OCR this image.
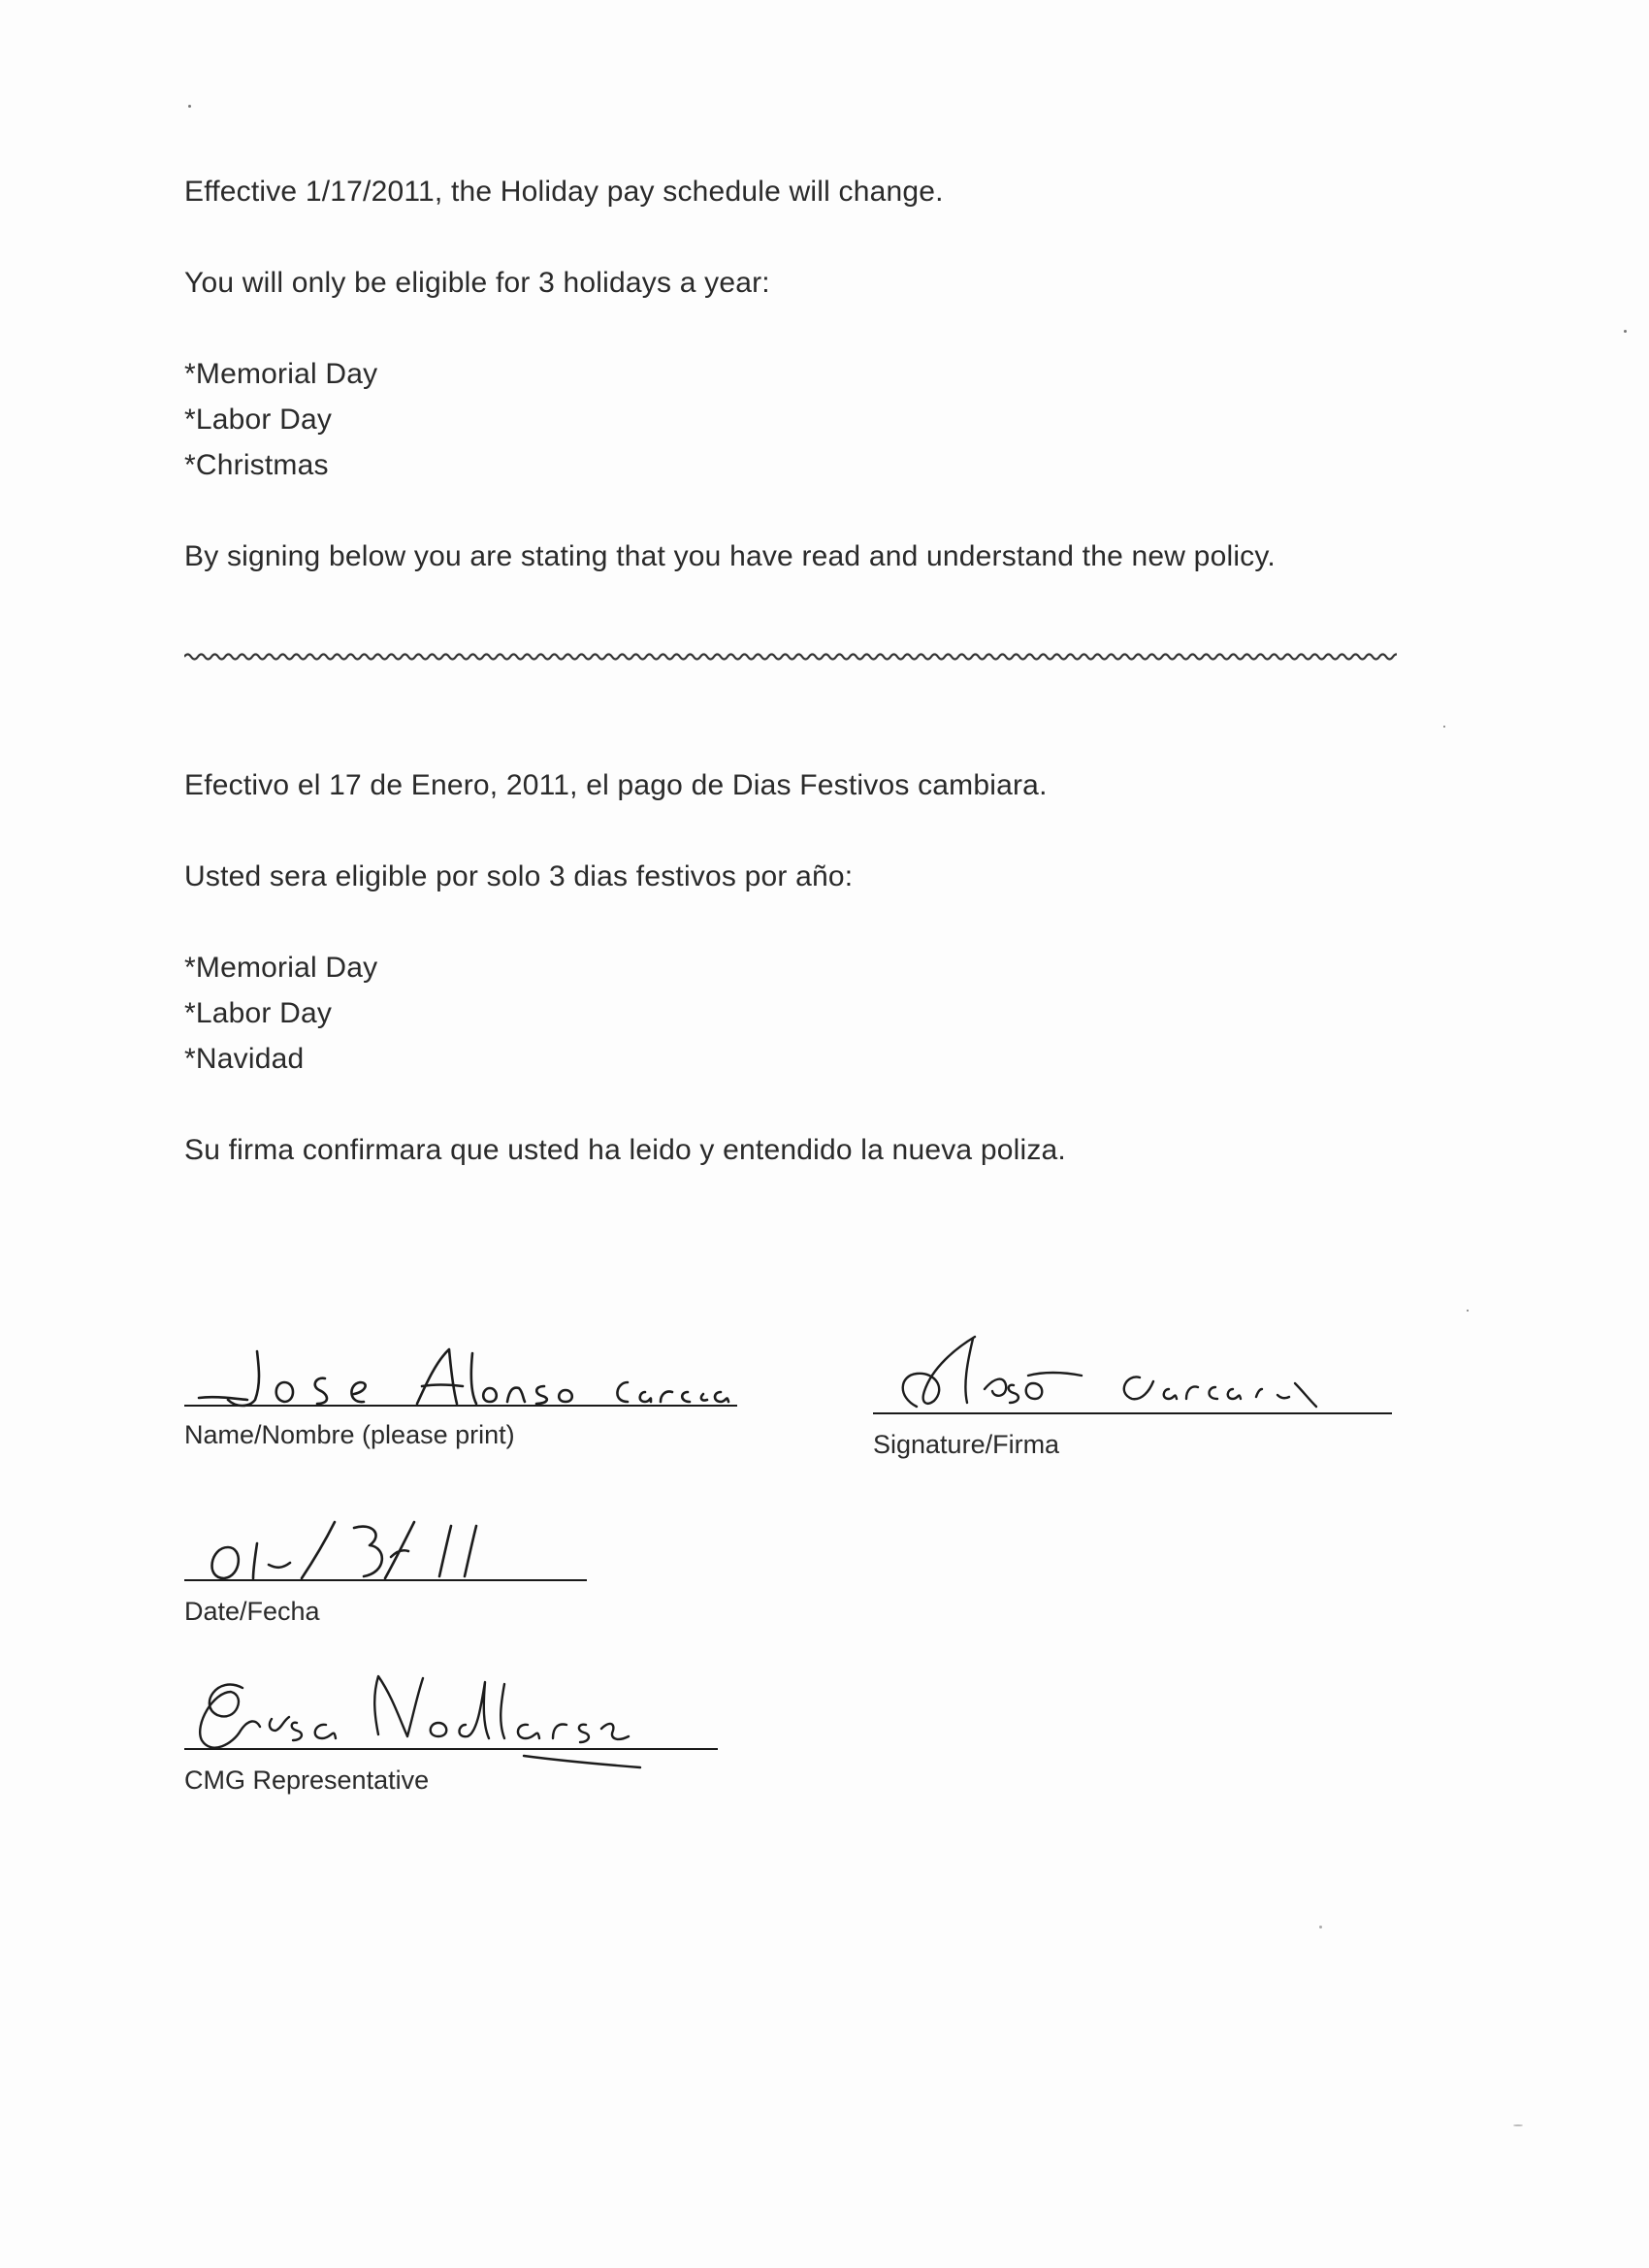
Effective 1/17/2011, the Holiday pay schedule will change.
You will only be eligible for 3 holidays a year:
*Memorial Day
*Labor Day
*Christmas
By signing below you are stating that you have read and understand the new policy.
Efectivo el 17 de Enero, 2011, el pago de Dias Festivos cambiara.
Usted sera eligible por solo 3 dias festivos por año:
*Memorial Day
*Labor Day
*Navidad
Su firma confirmara que usted ha leido y entendido la nueva poliza.
Name/Nombre (please print)	Signature/Firma
Date/Fecha
CMG Representative
